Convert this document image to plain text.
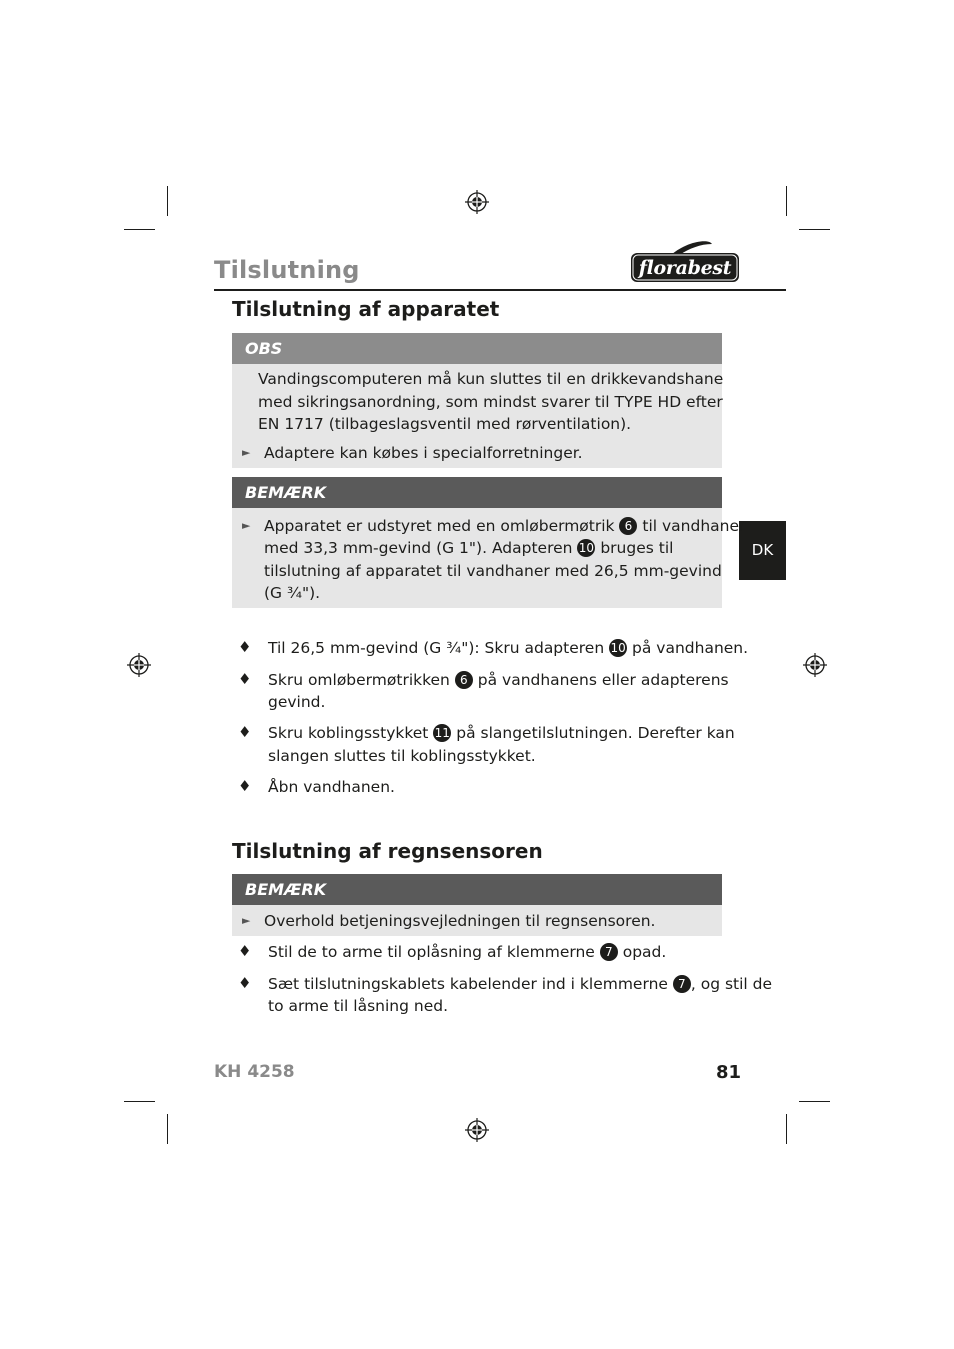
Tilslutning	florabest
DK
Tilslutning af apparatet
OBS
Vandingscomputeren må kun sluttes til en drikkevandshane
med sikringsanordning, som mindst svarer til TYPE HD efter
EN 1717 (tilbageslagsventil med rørventilation).
► Adaptere kan købes i specialforretninger.
BEMÆRK
► Apparatet er udstyret med en omløbermøtrik 6 til vandhaner
med 33,3 mm-gevind (G 1"). Adapteren 10 bruges til
tilslutning af apparatet til vandhaner med 26,5 mm-gevind
(G ¾").
♦ Til 26,5 mm-gevind (G ¾"): Skru adapteren 10 på vandhanen.
♦ Skru omløbermøtrikken 6 på vandhanens eller adapterens
gevind.
♦ Skru koblingsstykket 11 på slangetilslutningen. Derefter kan
slangen sluttes til koblingsstykket.
♦ Åbn vandhanen.
Tilslutning af regnsensoren
BEMÆRK
► Overhold betjeningsvejledningen til regnsensoren.
♦ Stil de to arme til oplåsning af klemmerne 7 opad.
♦ Sæt tilslutningskablets kabelender ind i klemmerne 7 , og stil de
to arme til låsning ned.
KH 4258	81
